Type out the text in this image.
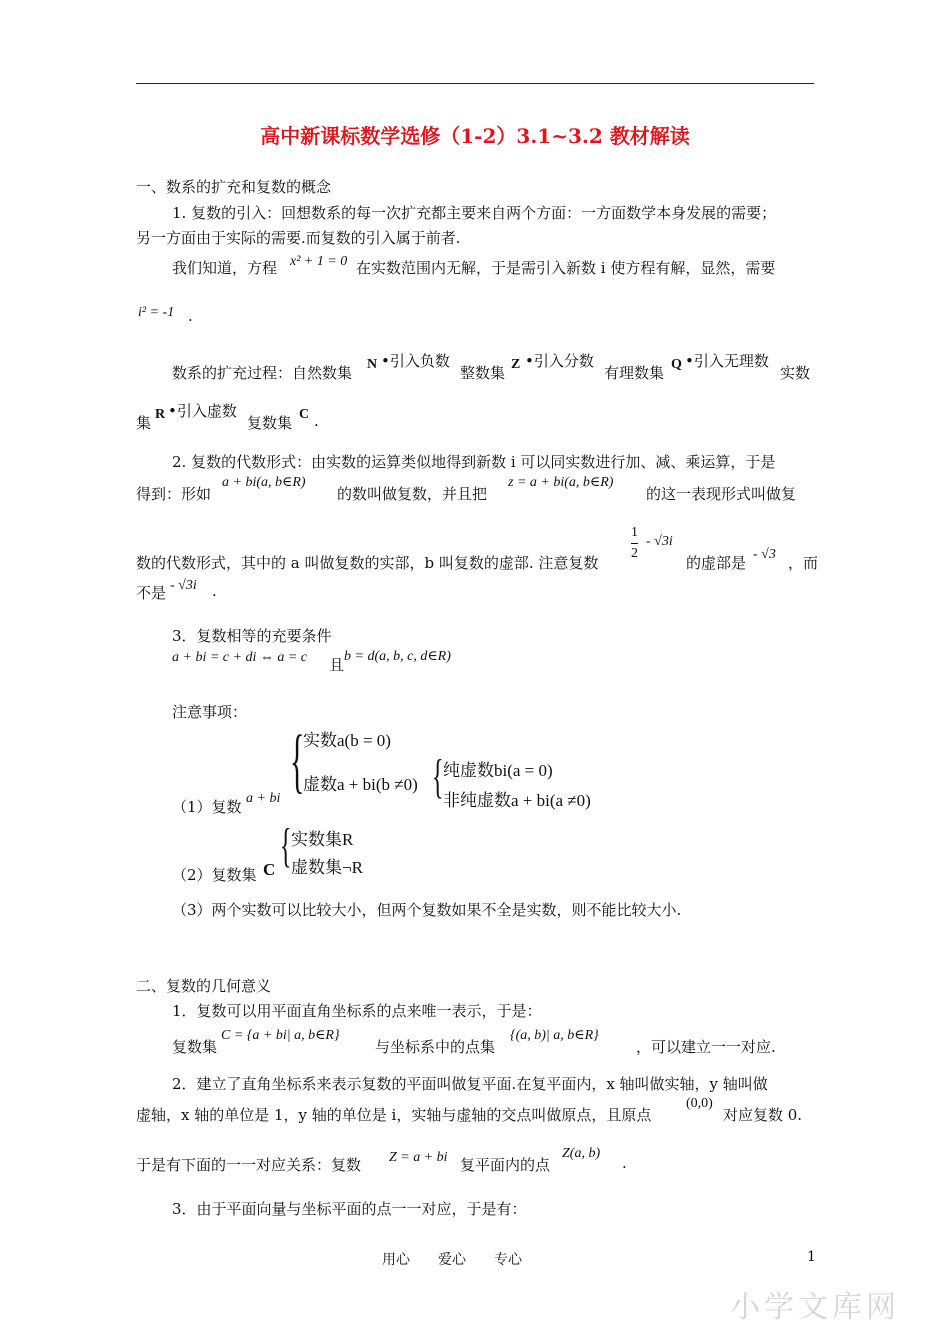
高中新课标数学选修（1-2）3.1~3.2 教材解读
一、数系的扩充和复数的概念
1. 复数的引入：回想数系的每一次扩充都主要来自两个方面：一方面数学本身发展的需要；
另一方面由于实际的需要.而复数的引入属于前者.
我们知道，方程 x² + 1 = 0 在实数范围内无解，于是需引入新数 i 使方程有解，显然，需要
i² = -1 .
数系的扩充过程：自然数集 N •引入负数
整数集 Z •引入分数
有理数集 Q •引入无理数
实数
集 R •引入虚数
复数集 C .
2. 复数的代数形式：由实数的运算类似地得到新数 i 可以同实数进行加、减、乘运算，于是
得到：形如
a + bi(a, b∈R)
的数叫做复数，并且把
z = a + bi(a, b∈R)
的这一表现形式叫做复
数的代数形式，其中的 a 叫做复数的实部，b 叫复数的虚部. 注意复数 $\frac{1}{2} - √3i$
的虚部是 - √3 ，而
不是 - √3i .
3．复数相等的充要条件
a + bi = c + di ⇔ a = c 且 b = d(a, b, c, d∈R)
注意事项：
（1）复数 a + bi {
实数a(b = 0)
虚数a + bi(b ≠0) { 纯虚数bi(a = 0)
非纯虚数a + bi(a ≠0)
（2）复数集 C { 实数集R
虚数集¬R
（3）两个实数可以比较大小，但两个复数如果不全是实数，则不能比较大小.
二、复数的几何意义
1．复数可以用平面直角坐标系的点来唯一表示，于是：
复数集
C = {a + bi| a, b∈R}
与坐标系中的点集
{(a, b)| a, b∈R}
，可以建立一一对应.
2．建立了直角坐标系来表示复数的平面叫做复平面.在复平面内，x 轴叫做实轴，y 轴叫做
虚轴，x 轴的单位是 1，y 轴的单位是 i，实轴与虚轴的交点叫做原点，且原点
(0,0)
对应复数 0.
于是有下面的一一对应关系：复数 Z = a + bi 复平面内的点
Z(a, b)
.
3．由于平面向量与坐标平面的点一一对应，于是有：
用心　　爱心　　专心	1
小学文库网
